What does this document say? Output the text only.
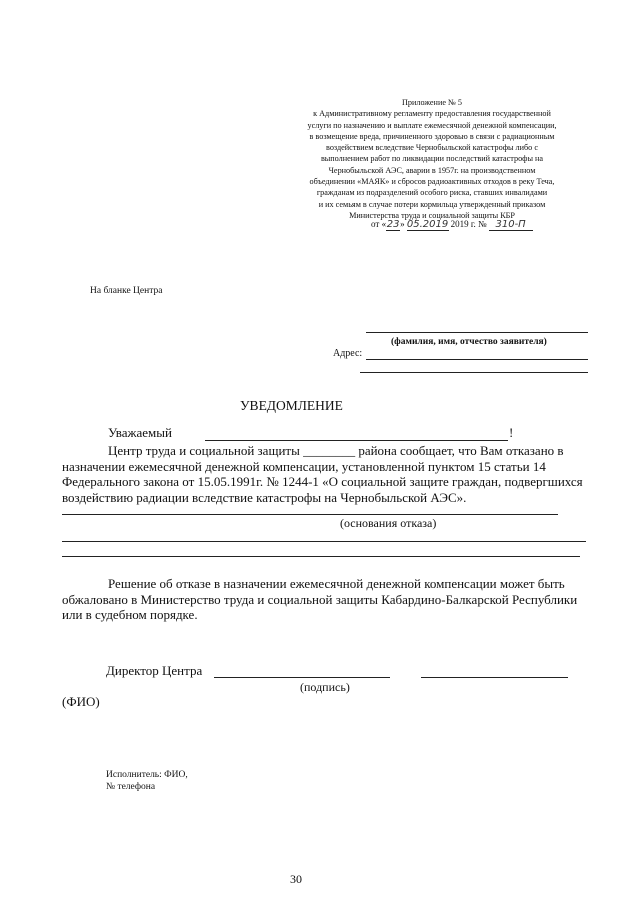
Приложение № 5
к Административному регламенту предоставления государственной
услуги по назначению и выплате ежемесячной денежной компенсации,
в возмещение вреда, причиненного здоровью в связи с радиационным
воздействием вследствие Чернобыльской катастрофы либо с
выполнением работ по ликвидации последствий катастрофы на
Чернобыльской АЭС, аварии в 1957г. на производственном
объединении «МАЯК» и сбросов радиоактивных отходов в реку Теча,
гражданам из подразделений особого риска, ставших инвалидами
и их семьям в случае потери кормильца утвержденный приказом
Министерства труда и социальной защиты КБР
от «23» 05.2019 2019 г. № 310-П
На бланке Центра
(фамилия, имя, отчество заявителя)
Адрес:
УВЕДОМЛЕНИЕ
Уважаемый	!
Центр труда и социальной защиты ________ района сообщает, что Вам отказано в
назначении ежемесячной денежной компенсации, установленной пунктом 15 статьи 14
Федерального закона от 15.05.1991г. № 1244-1 «О социальной защите граждан, подвергшихся
воздействию радиации вследствие катастрофы на Чернобыльской АЭС».
(основания отказа)
Решение об отказе в назначении ежемесячной денежной компенсации может быть
обжаловано в Министерство труда и социальной защиты Кабардино-Балкарской Республики
или в судебном порядке.
Директор Центра
(подпись)
(ФИО)
Исполнитель: ФИО,
№ телефона
30
